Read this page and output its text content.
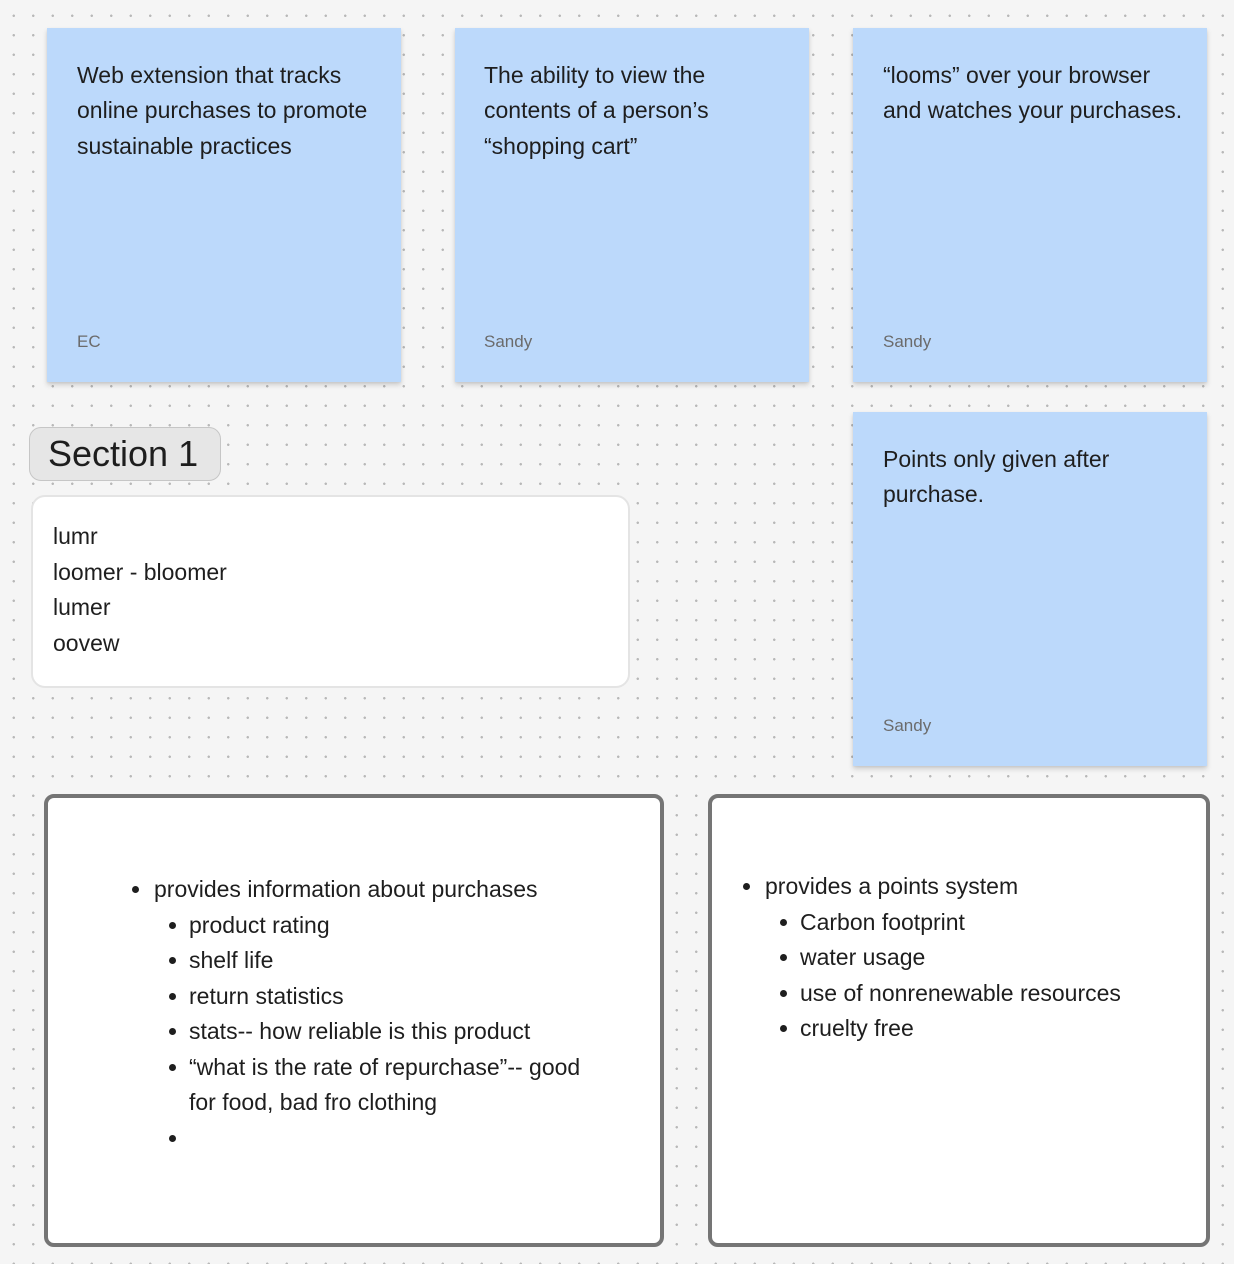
Web extension that tracks online purchases to promote sustainable practices
EC
The ability to view the contents of a person’s “shopping cart”
Sandy
“looms” over your browser and watches your purchases.
Sandy
Points only given after purchase.
Sandy
Section 1
lumr
loomer - bloomer
lumer
oovew
provides information about purchases
product rating
shelf life
return statistics
stats-- how reliable is this product
“what is the rate of repurchase”-- good for food, bad fro clothing
provides a points system
Carbon footprint
water usage
use of nonrenewable resources
cruelty free
